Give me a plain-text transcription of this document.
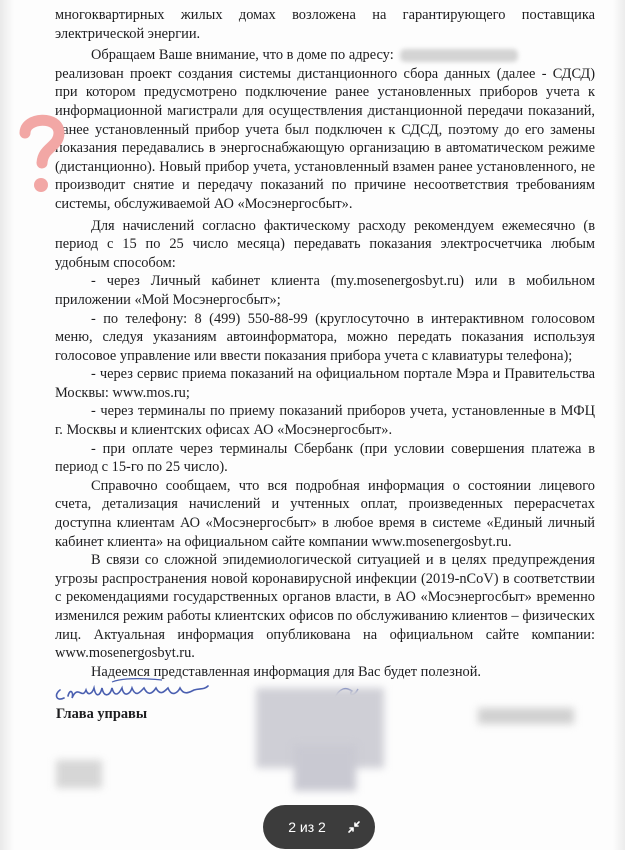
многоквартирных жилых домах возложена на гарантирующего поставщика электрической энергии.

Обращаем Ваше внимание, что в доме по адресу:

реализован проект создания системы дистанционного сбора данных (далее - СДСД) при котором предусмотрено подключение ранее установленных приборов учета к информационной магистрали для осуществления дистанционной передачи показаний, ранее установленный прибор учета был подключен к СДСД, поэтому до его замены показания передавались в энергоснабжающую организацию в автоматическом режиме (дистанционно). Новый прибор учета, установленный взамен ранее установленного, не производит снятие и передачу показаний по причине несоответствия требованиям системы, обслуживаемой АО «Мосэнергосбыт».

Для начислений согласно фактическому расходу рекомендуем ежемесячно (в период с 15 по 25 число месяца) передавать показания электросчетчика любым удобным способом:

- через Личный кабинет клиента (my.mosenergosbyt.ru) или в мобильном приложении «Мой Мосэнергосбыт»;

- по телефону: 8 (499) 550-88-99 (круглосуточно в интерактивном голосовом меню, следуя указаниям автоинформатора, можно передать показания используя голосовое управление или ввести показания прибора учета с клавиатуры телефона);

- через сервис приема показаний на официальном портале Мэра и Правительства Москвы: www.mos.ru;

- через терминалы по приему показаний приборов учета, установленные в МФЦ г. Москвы и клиентских офисах АО «Мосэнергосбыт».

- при оплате через терминалы Сбербанк (при условии совершения платежа в период с 15-го по 25 число).

Справочно сообщаем, что вся подробная информация о состоянии лицевого счета, детализация начислений и учтенных оплат, произведенных перерасчетах доступна клиентам АО «Мосэнергосбыт» в любое время в системе «Единый личный кабинет клиента» на официальном сайте компании www.mosenergosbyt.ru.

В связи со сложной эпидемиологической ситуацией и в целях предупреждения угрозы распространения новой коронавирусной инфекции (2019-nCoV) в соответствии с рекомендациями государственных органов власти, в АО «Мосэнергосбыт» временно изменился режим работы клиентских офисов по обслуживанию клиентов – физических лиц. Актуальная информация опубликована на официальном сайте компании: www.mosenergosbyt.ru.

Надеемся представленная информация для Вас будет полезной.

Глава управы
2 из 2
